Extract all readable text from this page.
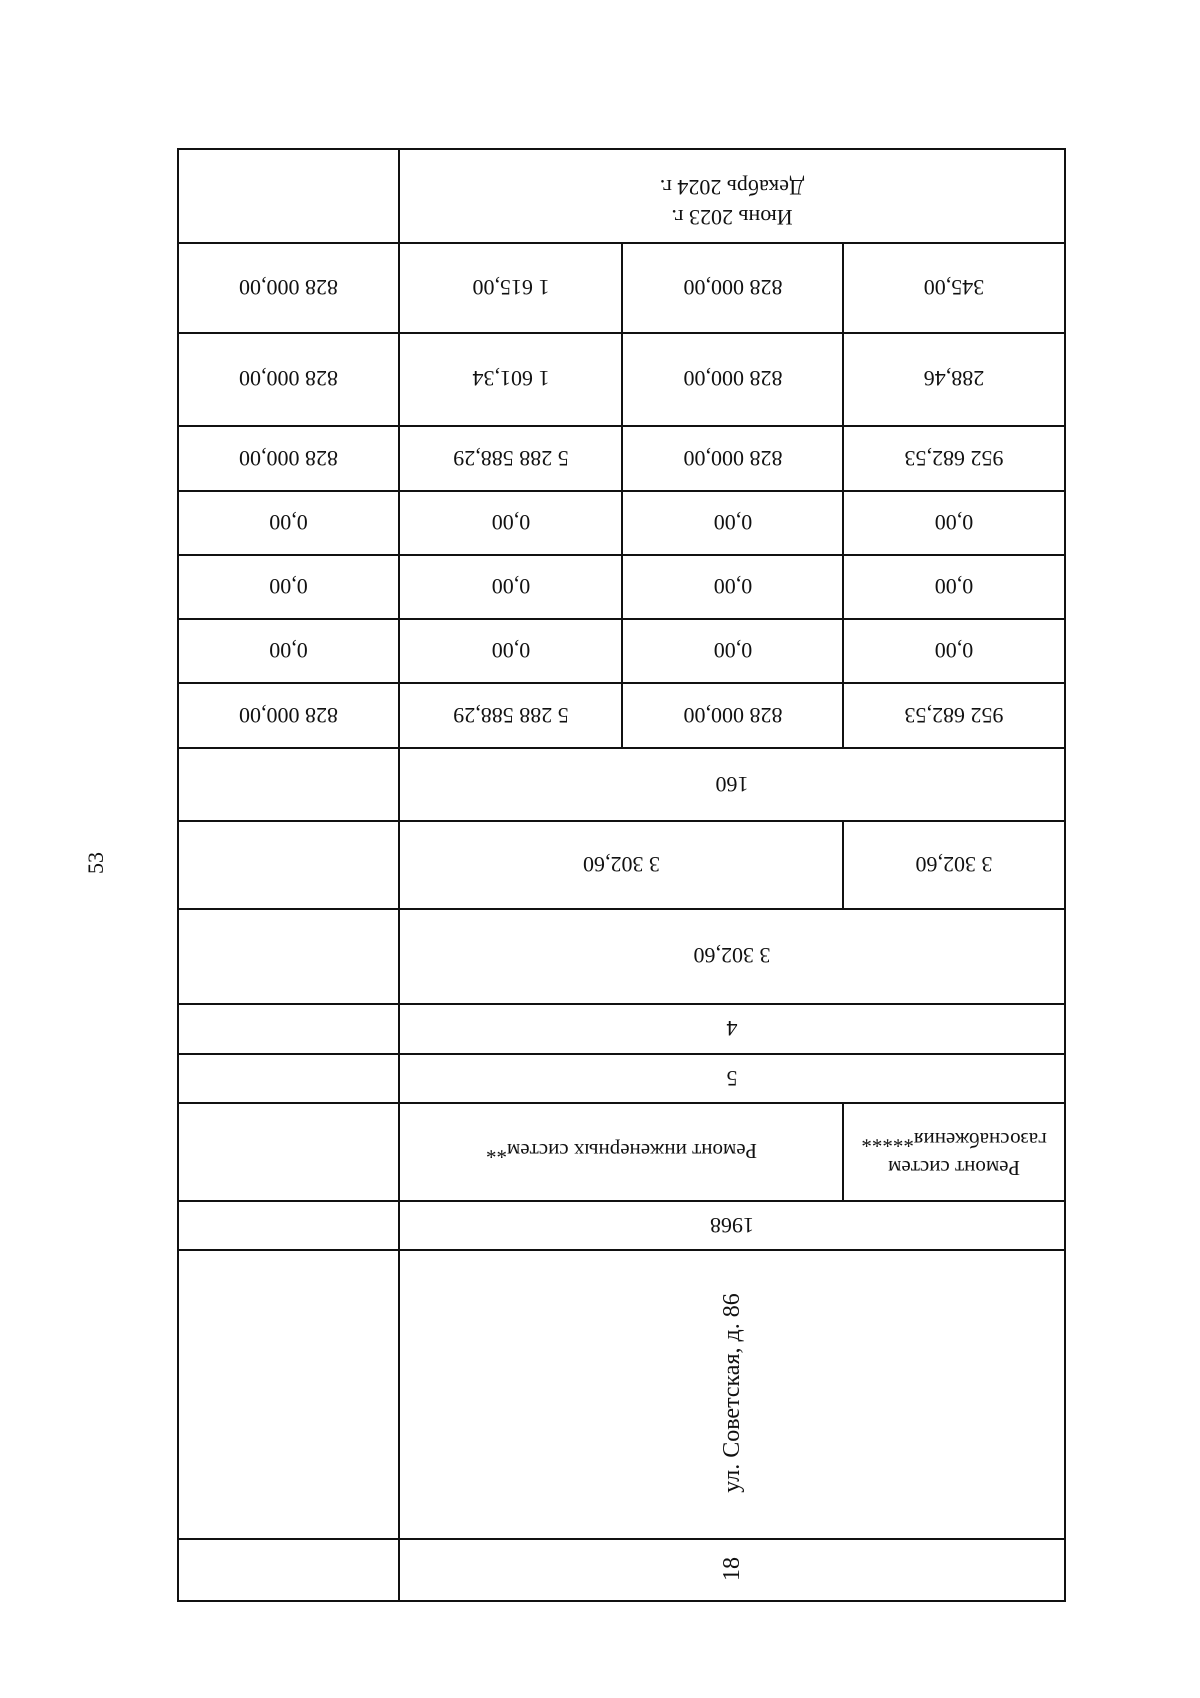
53
Июнь 2023 г.
Декабрь 2024 г.
345,00
828 000,00
1 615,00
828 000,00
288,46
828 000,00
1 601,34
828 000,00
952 682,53
828 000,00
5 288 588,29
828 000,00
0,00
0,00
0,00
0,00
0,00
0,00
0,00
0,00
0,00
0,00
0,00
0,00
952 682,53
828 000,00
5 288 588,29
828 000,00
160
3 302,60
3 302,60
3 302,60
4
5
Ремонт систем
газоснабжения*****
Ремонт инженерных систем**
1968
ул. Советская, д. 86
18
